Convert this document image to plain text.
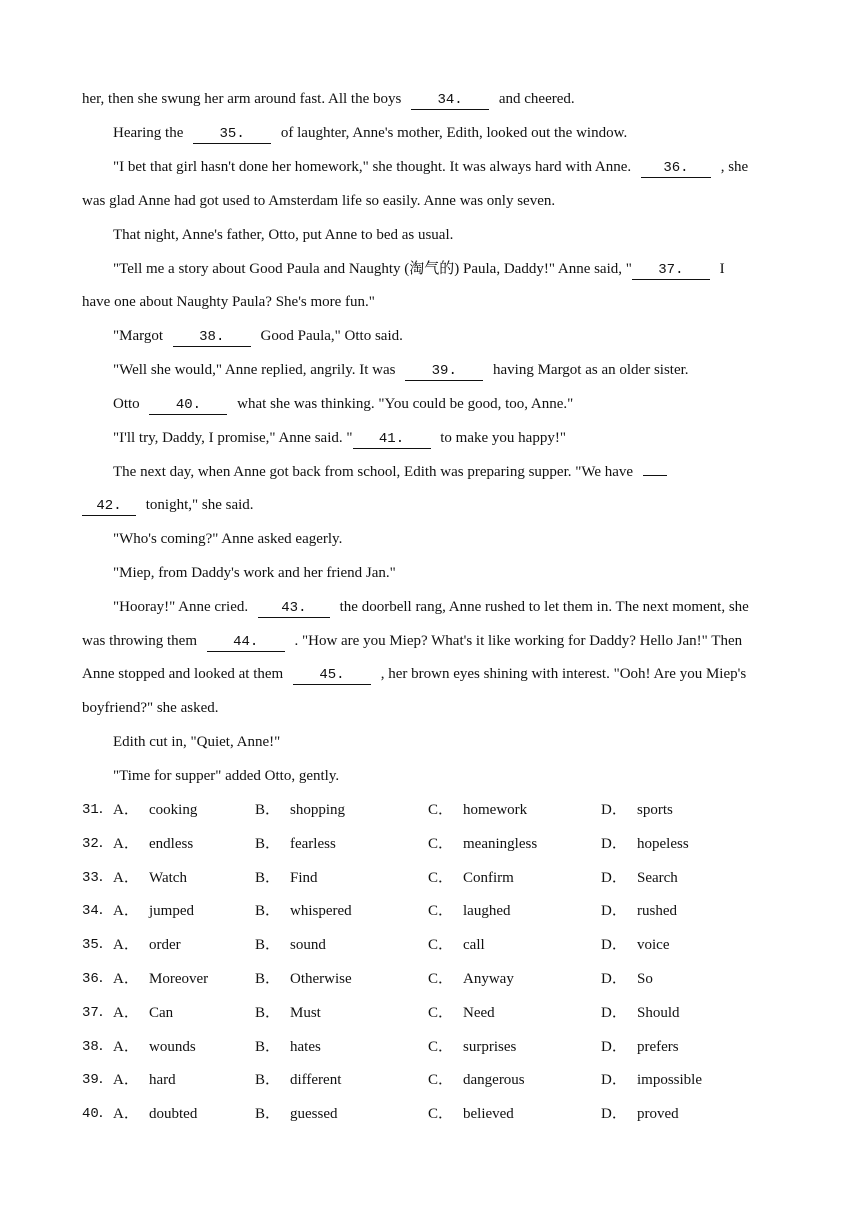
her, then she swung her arm around fast. All the boys	34. and cheered.
Hearing the	35. of laughter, Anne's mother, Edith, looked out the window.
"I bet that girl hasn't done her homework," she thought. It was always hard with Anne. 36. , she
was glad Anne had got used to Amsterdam life so easily. Anne was only seven.
That night, Anne's father, Otto, put Anne to bed as usual.
"Tell me a story about Good Paula and Naughty (淘气的) Paula, Daddy!" Anne said, " 37. I
have one about Naughty Paula? She's more fun."
"Margot	38. Good Paula," Otto said.
"Well she would," Anne replied, angrily. It was	39. having Margot as an older sister.
Otto	40. what she was thinking. "You could be good, too, Anne."
"I'll try, Daddy, I promise," Anne said. " 41. to make you happy!"
The next day, when Anne got back from school, Edith was preparing supper. "We have
42. tonight," she said.
"Who's coming?" Anne asked eagerly.
"Miep, from Daddy's work and her friend Jan."
"Hooray!" Anne cried. 43. the doorbell rang, Anne rushed to let them in. The next moment, she
was throwing them	44. . "How are you Miep? What's it like working for Daddy? Hello Jan!" Then
Anne stopped and looked at them	45. , her brown eyes shining with interest. "Ooh! Are you Miep's
boyfriend?" she asked.
Edith cut in, "Quiet, Anne!"
"Time for supper" added Otto, gently.
31． A． cooking	B． shopping	C． homework	D． sports
32． A． endless	B． fearless	C． meaningless	D． hopeless
33． A． Watch	B． Find	C． Confirm	D． Search
34． A． jumped	B． whispered	C． laughed	D． rushed
35． A． order	B． sound	C． call	D． voice
36． A． Moreover	B． Otherwise	C． Anyway	D． So
37． A． Can	B． Must	C． Need	D． Should
38． A． wounds	B． hates	C． surprises	D． prefers
39． A． hard	B． different	C． dangerous	D． impossible
40． A． doubted	B． guessed	C． believed	D． proved
